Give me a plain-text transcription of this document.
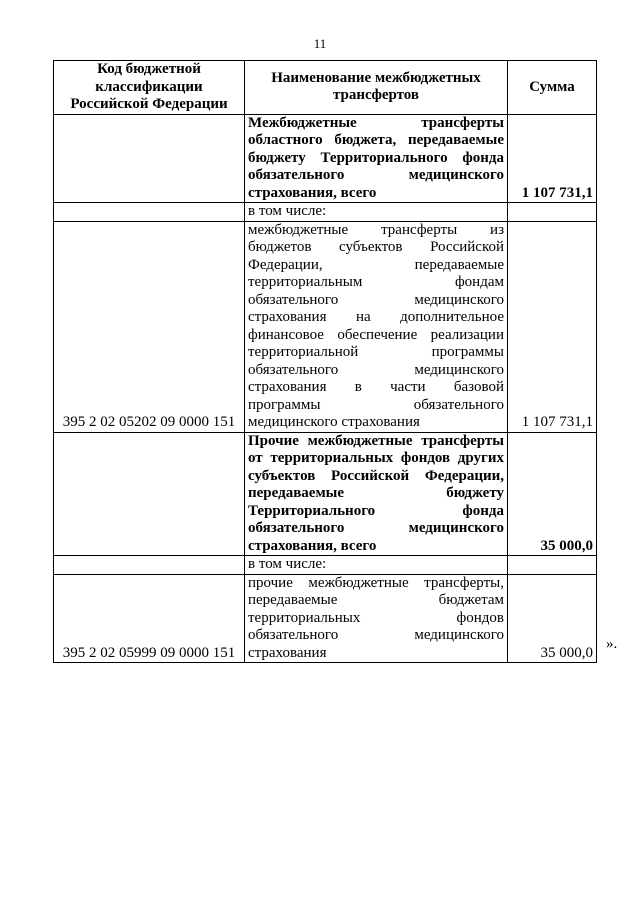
11
Код бюджетной классификации Российской Федерации	Наименование межбюджетных трансфертов	Сумма
	Межбюджетные трансферты областного бюджета, передаваемые бюджету Территориального фонда обязательного медицинского страхования, всего	1 107 731,1
	в том числе:	
395 2 02 05202 09 0000 151	межбюджетные трансферты из бюджетов субъектов Российской Федерации, передаваемые территориальным фондам обязательного медицинского страхования на дополнительное финансовое обеспечение реализации территориальной программы обязательного медицинского страхования в части базовой программы обязательного медицинского страхования	1 107 731,1
	Прочие межбюджетные трансферты от территориальных фондов других субъектов Российской Федерации, передаваемые бюджету Территориального фонда обязательного медицинского страхования, всего	35 000,0
	в том числе:	
395 2 02 05999 09 0000 151	прочие межбюджетные трансферты, передаваемые бюджетам территориальных фондов обязательного медицинского страхования	35 000,0
».
